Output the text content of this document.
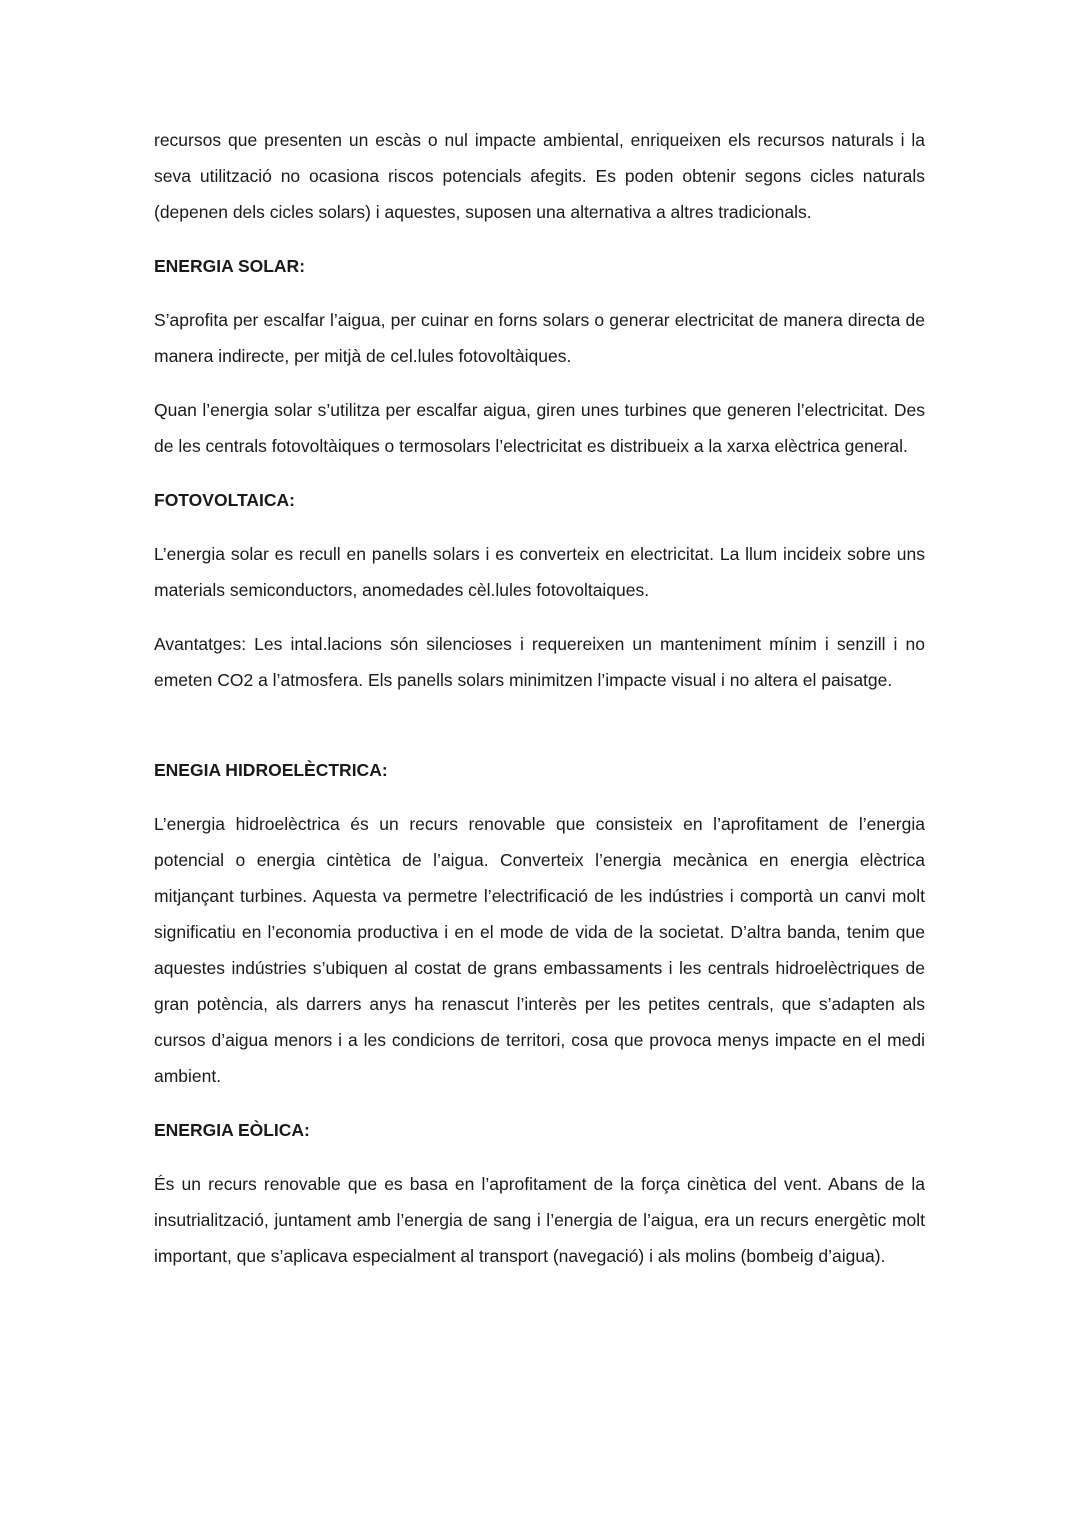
recursos que presenten un escàs o nul impacte ambiental, enriqueixen els recursos naturals i la seva utilització no ocasiona riscos potencials afegits. Es poden obtenir segons cicles naturals (depenen dels cicles solars) i aquestes, suposen una alternativa a altres tradicionals.

ENERGIA SOLAR:

S’aprofita per escalfar l’aigua, per cuinar en forns solars o generar electricitat de manera directa de manera indirecte, per mitjà de cel.lules fotovoltàiques.

Quan l’energia solar s’utilitza per escalfar aigua, giren unes turbines que generen l’electricitat. Des de les centrals fotovoltàiques o termosolars l’electricitat es distribueix a la xarxa elèctrica general.

FOTOVOLTAICA:

L’energia solar es recull en panells solars i es converteix en electricitat. La llum incideix sobre uns materials semiconductors, anomedades cèl.lules fotovoltaiques.

Avantatges: Les intal.lacions són silencioses i requereixen un manteniment mínim i senzill i no emeten CO2 a l’atmosfera. Els panells solars minimitzen l’impacte visual i no altera el paisatge.

ENEGIA HIDROELÈCTRICA:

L’energia hidroelèctrica és un recurs renovable que consisteix en l’aprofitament de l’energia potencial o energia cintètica de l’aigua. Converteix l’energia mecànica en energia elèctrica mitjançant turbines. Aquesta va permetre l’electrificació de les indústries i comportà un canvi molt significatiu en l’economia productiva i en el mode de vida de la societat. D’altra banda, tenim que aquestes indústries s’ubiquen al costat de grans embassaments i les centrals hidroelèctriques de gran potència, als darrers anys ha renascut l’interès per les petites centrals, que s’adapten als cursos d’aigua menors i a les condicions de territori, cosa que provoca menys impacte en el medi ambient.

ENERGIA EÒLICA:

És un recurs renovable que es basa en l’aprofitament de la força cinètica del vent. Abans de la insutrialització, juntament amb l’energia de sang i l’energia de l’aigua, era un recurs energètic molt important, que s’aplicava especialment al transport (navegació) i als molins (bombeig d’aigua).
